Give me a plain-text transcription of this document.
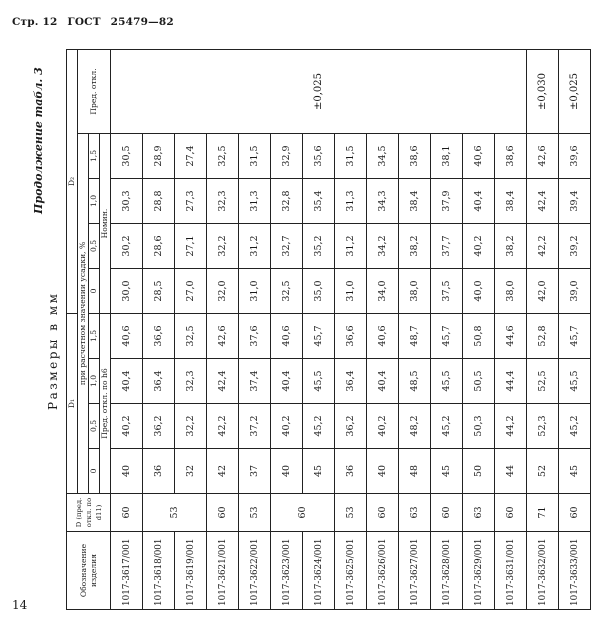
Стр. 12 ГОСТ 25479—82
14
Продолжение табл. 3
Размеры в мм
Обозначение изделия	D (пред. откл. по d11)	D₁				D₂				
		при расчетном значении усадки, %								Пред. откл.
		0	0,5	1,0	1,5	0	0,5	1,0	1,5	
		Пред. откл. по h6				Номин.				
1017-3617/001	60	40	40,2	40,4	40,6	30,0	30,2	30,3	30,5	±0,025
1017-3618/001	53	36	36,2	36,4	36,6	28,5	28,6	28,8	28,9	
1017-3619/001		32	32,2	32,3	32,5	27,0	27,1	27,3	27,4	
1017-3621/001	60	42	42,2	42,4	42,6	32,0	32,2	32,3	32,5	
1017-3622/001	53	37	37,2	37,4	37,6	31,0	31,2	31,3	31,5	
1017-3623/001	60	40	40,2	40,4	40,6	32,5	32,7	32,8	32,9	
1017-3624/001		45	45,2	45,5	45,7	35,0	35,2	35,4	35,6	
1017-3625/001	53	36	36,2	36,4	36,6	31,0	31,2	31,3	31,5	
1017-3626/001	60	40	40,2	40,4	40,6	34,0	34,2	34,3	34,5	
1017-3627/001	63	48	48,2	48,5	48,7	38,0	38,2	38,4	38,6	
1017-3628/001	60	45	45,2	45,5	45,7	37,5	37,7	37,9	38,1	
1017-3629/001	63	50	50,3	50,5	50,8	40,0	40,2	40,4	40,6	
1017-3631/001	60	44	44,2	44,4	44,6	38,0	38,2	38,4	38,6	
1017-3632/001	71	52	52,3	52,5	52,8	42,0	42,2	42,4	42,6	±0,030
1017-3633/001	60	45	45,2	45,5	45,7	39,0	39,2	39,4	39,6	±0,025
